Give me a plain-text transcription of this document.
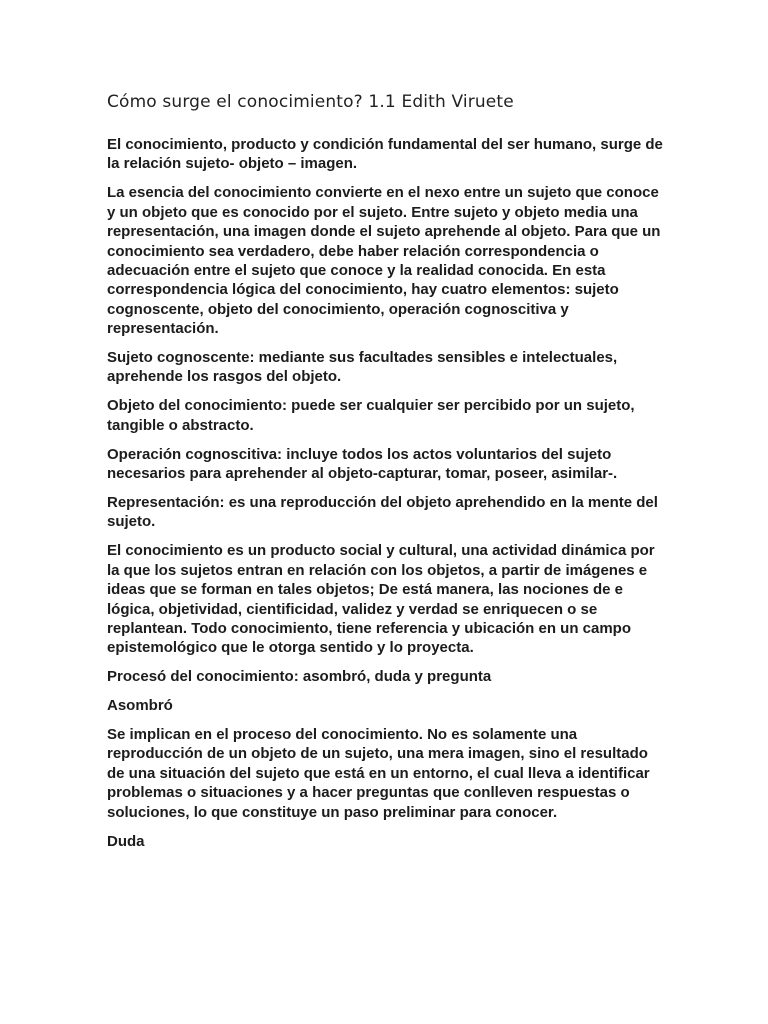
Cómo surge el conocimiento? 1.1 Edith Viruete

El conocimiento, producto y condición fundamental del ser humano, surge de la relación sujeto- objeto – imagen.

La esencia del conocimiento convierte en el nexo entre un sujeto que conoce y un objeto que es conocido por el sujeto. Entre sujeto y objeto media una representación, una imagen donde el sujeto aprehende al objeto. Para que un conocimiento sea verdadero, debe haber relación correspondencia o adecuación entre el sujeto que conoce y la realidad conocida. En esta correspondencia lógica del conocimiento, hay cuatro elementos: sujeto cognoscente, objeto del conocimiento, operación cognoscitiva y representación.

Sujeto cognoscente: mediante sus facultades sensibles e intelectuales, aprehende los rasgos del objeto.

Objeto del conocimiento: puede ser cualquier ser percibido por un sujeto, tangible o abstracto.

Operación cognoscitiva: incluye todos los actos voluntarios del sujeto necesarios para aprehender al objeto-capturar, tomar, poseer, asimilar-.

Representación: es una reproducción del objeto aprehendido en la mente del sujeto.

El conocimiento es un producto social y cultural, una actividad dinámica por la que los sujetos entran en relación con los objetos, a partir de imágenes e ideas que se forman en tales objetos; De está manera, las nociones de e lógica, objetividad, cientificidad, validez y verdad se enriquecen o se replantean. Todo conocimiento, tiene referencia y ubicación en un campo epistemológico que le otorga sentido y lo proyecta.

Procesó del conocimiento: asombró, duda y pregunta

Asombró

Se implican en el proceso del conocimiento. No es solamente una reproducción de un objeto de un sujeto, una mera imagen, sino el resultado de una situación del sujeto que está en un entorno, el cual lleva a identificar problemas o situaciones y a hacer preguntas que conlleven respuestas o soluciones, lo que constituye un paso preliminar para conocer.

Duda
